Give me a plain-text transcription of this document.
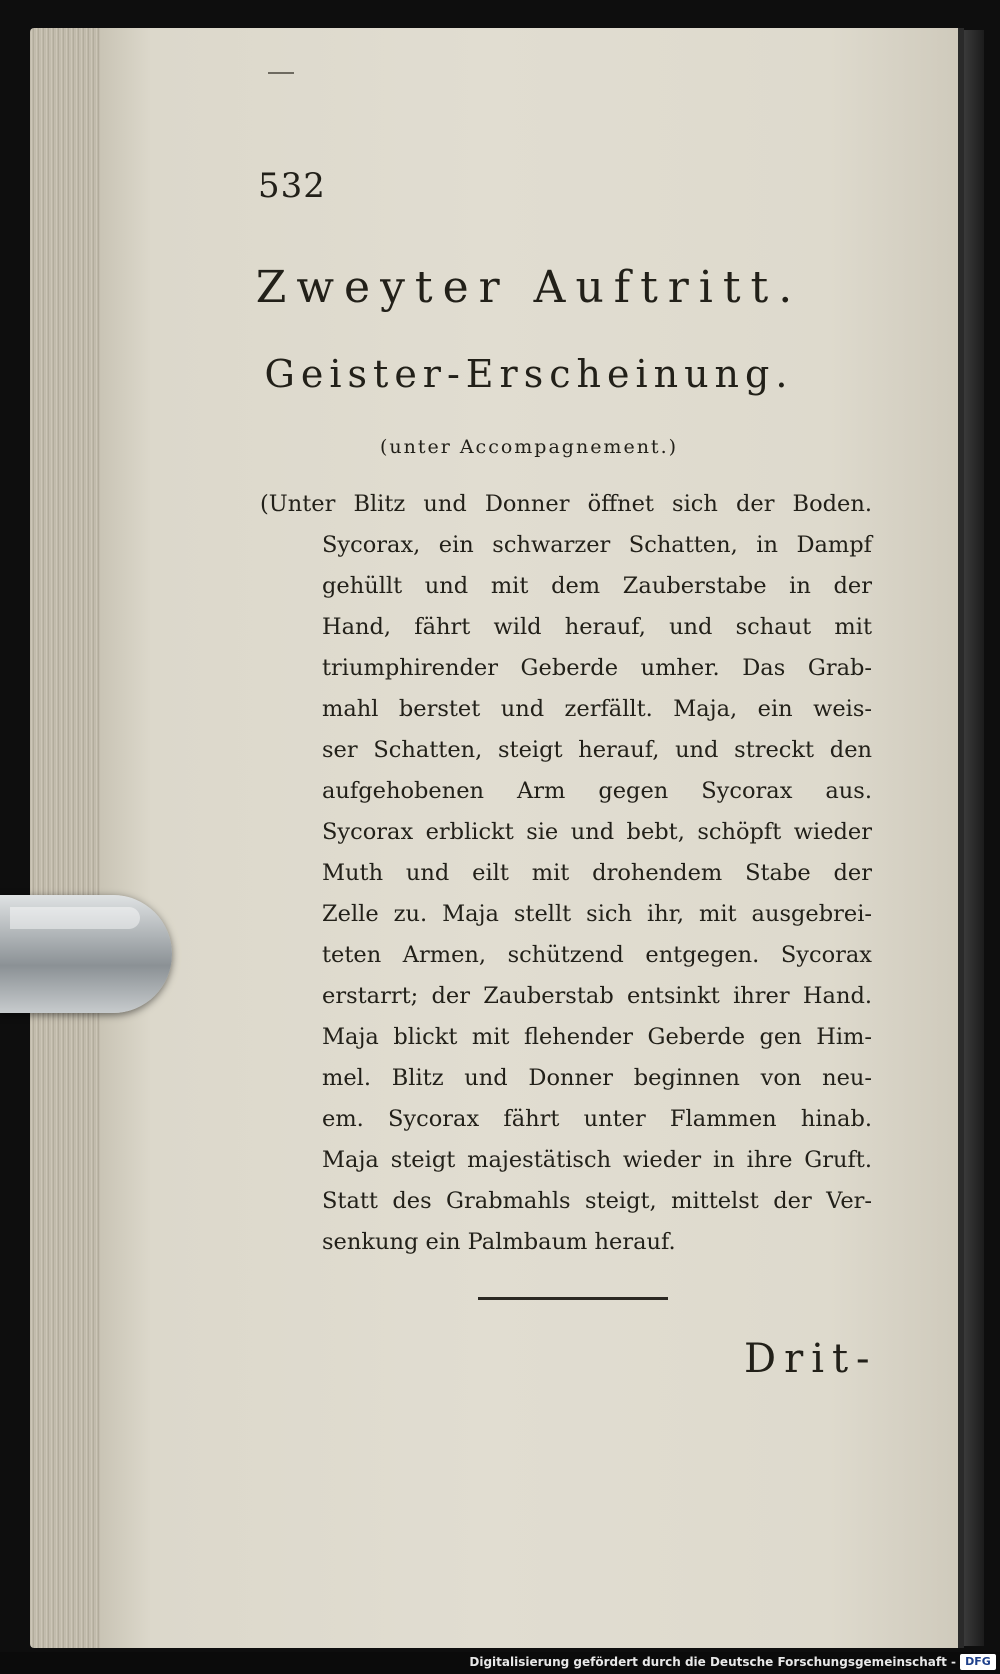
532
Zweyter Auftritt.
Geister-Erscheinung.
(unter Accompagnement.)
(Unter Blitz und Donner öffnet sich der Boden.
Sycorax, ein schwarzer Schatten, in Dampf
gehüllt und mit dem Zauberstabe in der
Hand, fährt wild herauf, und schaut mit
triumphirender Geberde umher. Das Grab-
mahl berstet und zerfällt. Maja, ein weis-
ser Schatten, steigt herauf, und streckt den
aufgehobenen Arm gegen Sycorax aus.
Sycorax erblickt sie und bebt, schöpft wieder
Muth und eilt mit drohendem Stabe der
Zelle zu. Maja stellt sich ihr, mit ausgebrei-
teten Armen, schützend entgegen. Sycorax
erstarrt; der Zauberstab entsinkt ihrer Hand.
Maja blickt mit flehender Geberde gen Him-
mel. Blitz und Donner beginnen von neu-
em. Sycorax fährt unter Flammen hinab.
Maja steigt majestätisch wieder in ihre Gruft.
Statt des Grabmahls steigt, mittelst der Ver-
senkung ein Palmbaum herauf.
Drit-
Digitalisierung gefördert durch die Deutsche Forschungsgemeinschaft - DFG
